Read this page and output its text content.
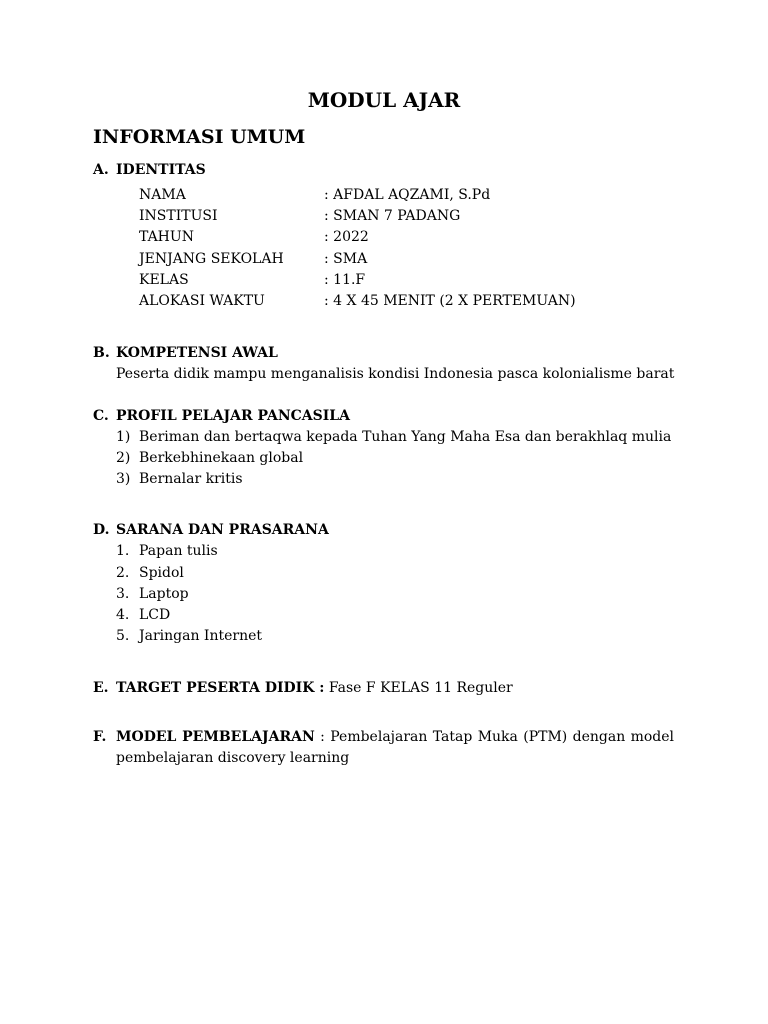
MODUL AJAR
INFORMASI UMUM
A. IDENTITAS
NAMA	: AFDAL AQZAMI, S.Pd
INSTITUSI	: SMAN 7 PADANG
TAHUN	: 2022
JENJANG SEKOLAH	: SMA
KELAS	: 11.F
ALOKASI WAKTU	: 4 X 45 MENIT (2 X PERTEMUAN)
B. KOMPETENSI AWAL
Peserta didik mampu menganalisis kondisi Indonesia pasca kolonialisme barat
C. PROFIL PELAJAR PANCASILA
1) Beriman dan bertaqwa kepada Tuhan Yang Maha Esa dan berakhlaq mulia
2) Berkebhinekaan global
3) Bernalar kritis
D. SARANA DAN PRASARANA
1. Papan tulis
2. Spidol
3. Laptop
4. LCD
5. Jaringan Internet
E. TARGET PESERTA DIDIK : Fase F KELAS 11 Reguler
F. MODEL PEMBELAJARAN : Pembelajaran Tatap Muka (PTM) dengan model
pembelajaran discovery learning
